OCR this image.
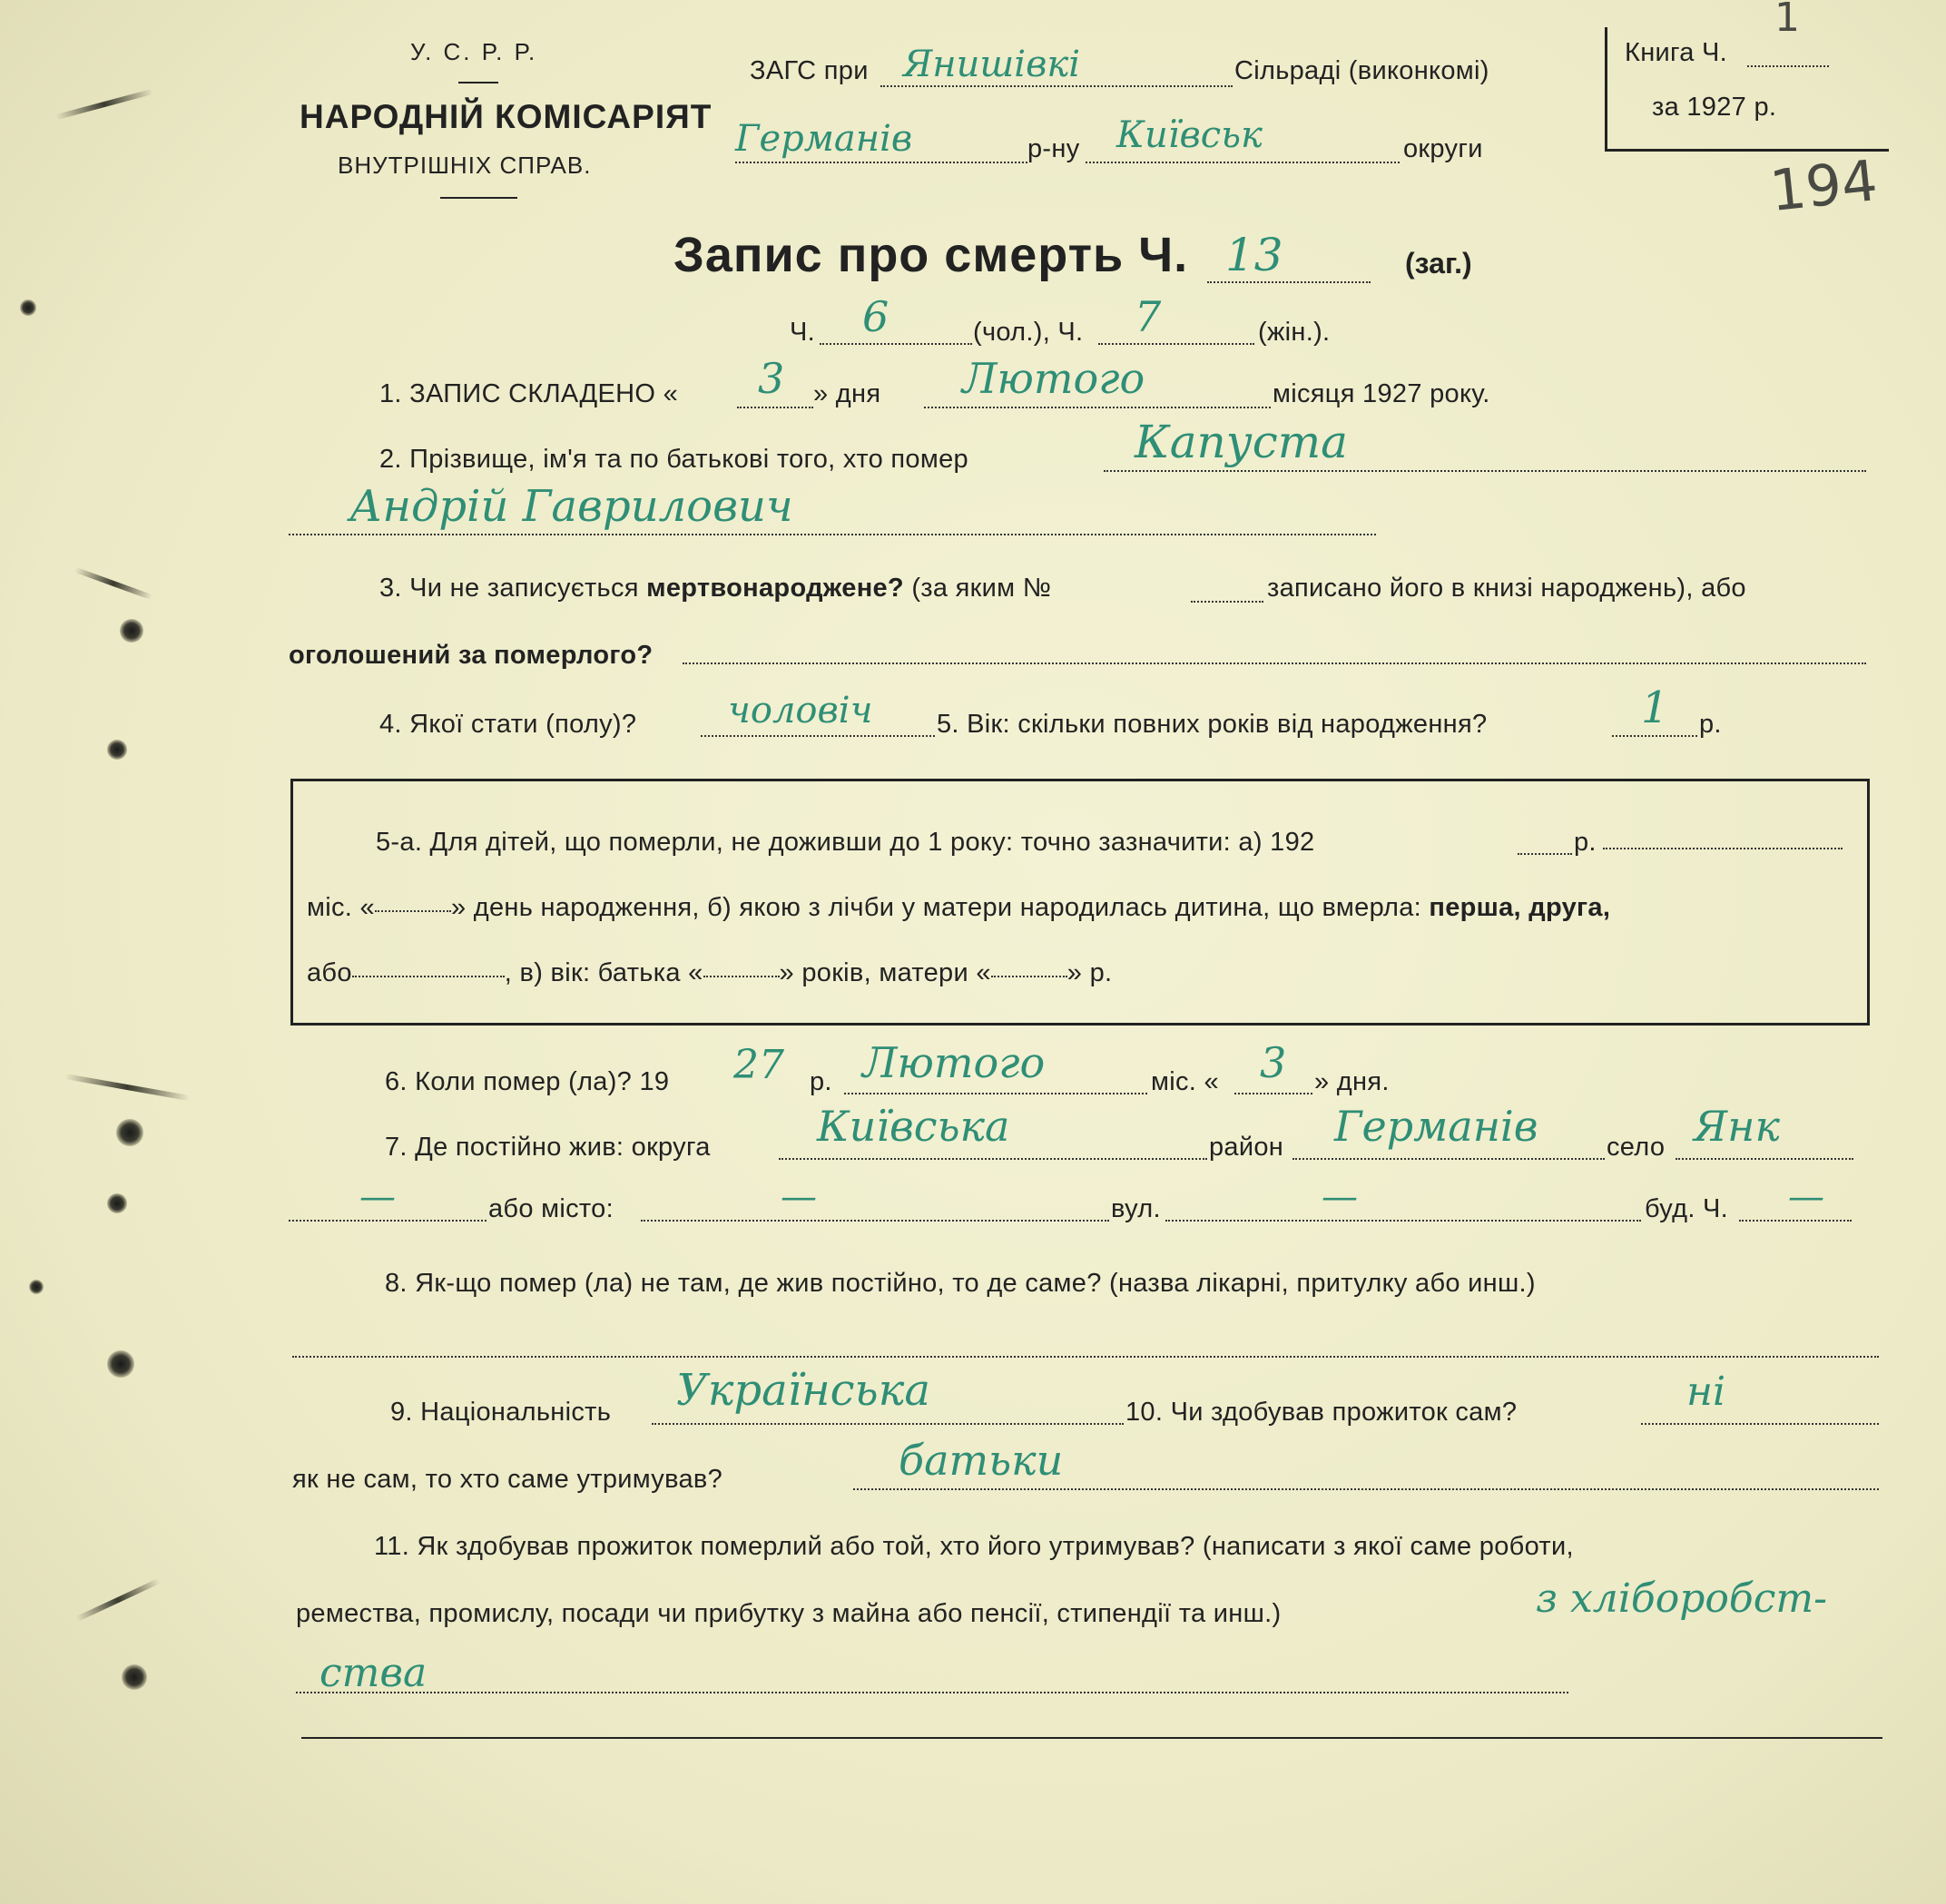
У. С. Р. Р.
НАРОДНІЙ КОМІСАРІЯТ
ВНУТРІШНІХ СПРАВ.
ЗАГС при Янишівкі	Сільраді (виконкомі)
Германів	р-ну Київськ	округи
Книга Ч.
1
за 1927 р.
194
Запис про смерть Ч. 13	(заг.)
Ч. 6	(чол.), Ч. 7	(жін.).
1. ЗАПИС СКЛАДЕНО « 3 » дня Лютого	місяця 1927 року.
2. Прізвище, ім'я та по батькові того, хто помер	Капуста
Андрій Гаврилович
3. Чи не записується мертвонароджене? (за яким №	записано його в книзі народжень), або
оголошений за померлого?
4. Якої стати (полу)?	чоловіч 5. Вік: скільки повних років від народження?	1 р.
5-а. Для дітей, що померли, не доживши до 1 року: точно зазначити: а) 192	р.
міс. «	» день народження, б) якою з лічби у матери народилась дитина, що вмерла: перша, друга,
або	, в) вік: батька «	» років, матери «	» р.
6. Коли помер (ла)? 19 27 р. Лютого	міс. « 3 » дня.
7. Де постійно жив: округа	Київська	район Германів	село Янк
—	або місто:	—	вул.	—	буд. Ч. —
8. Як-що помер (ла) не там, де жив постійно, то де саме? (назва лікарні, притулку або инш.)
9. Національність Українська	10. Чи здобував прожиток сам?	ні
як не сам, то хто саме утримував?	батьки
11. Як здобував прожиток померлий або той, хто його утримував? (написати з якої саме роботи,
ремества, промислу, посади чи прибутку з майна або пенсії, стипендії та инш.)	з хліборобст-
ства
